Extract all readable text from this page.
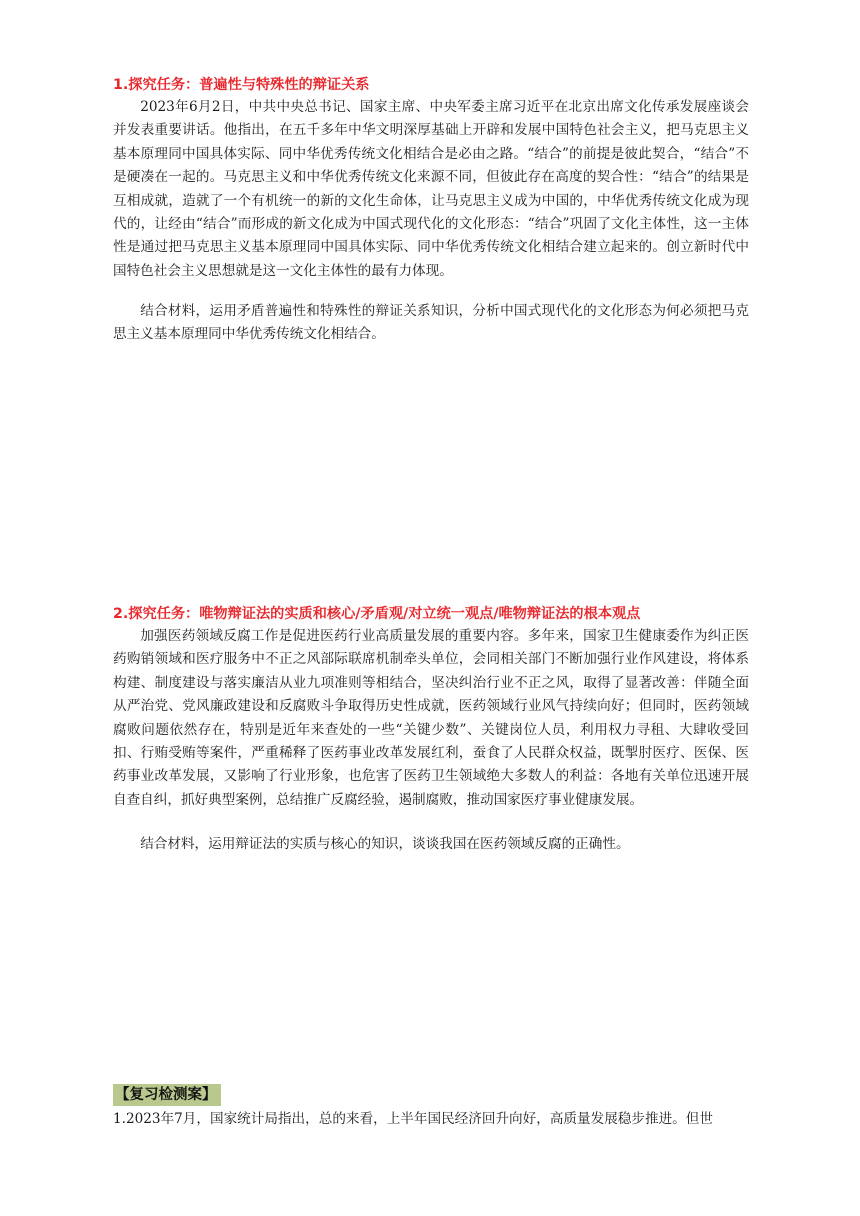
1.探究任务：普遍性与特殊性的辩证关系

2023年6月2日，中共中央总书记、国家主席、中央军委主席习近平在北京出席文化传承发展座谈会并发表重要讲话。他指出，在五千多年中华文明深厚基础上开辟和发展中国特色社会主义，把马克思主义基本原理同中国具体实际、同中华优秀传统文化相结合是必由之路。“结合”的前提是彼此契合，“结合”不是硬凑在一起的。马克思主义和中华优秀传统文化来源不同，但彼此存在高度的契合性：“结合”的结果是互相成就，造就了一个有机统一的新的文化生命体，让马克思主义成为中国的，中华优秀传统文化成为现代的，让经由“结合”而形成的新文化成为中国式现代化的文化形态：“结合”巩固了文化主体性，这一主体性是通过把马克思主义基本原理同中国具体实际、同中华优秀传统文化相结合建立起来的。创立新时代中国特色社会主义思想就是这一文化主体性的最有力体现。

结合材料，运用矛盾普遍性和特殊性的辩证关系知识，分析中国式现代化的文化形态为何必须把马克思主义基本原理同中华优秀传统文化相结合。

2.探究任务：唯物辩证法的实质和核心/矛盾观/对立统一观点/唯物辩证法的根本观点

加强医药领域反腐工作是促进医药行业高质量发展的重要内容。多年来，国家卫生健康委作为纠正医药购销领域和医疗服务中不正之风部际联席机制牵头单位，会同相关部门不断加强行业作风建设，将体系构建、制度建设与落实廉洁从业九项准则等相结合，坚决纠治行业不正之风，取得了显著改善：伴随全面从严治党、党风廉政建设和反腐败斗争取得历史性成就，医药领域行业风气持续向好；但同时，医药领域腐败问题依然存在，特别是近年来查处的一些“关键少数”、关键岗位人员，利用权力寻租、大肆收受回扣、行贿受贿等案件，严重稀释了医药事业改革发展红利，蚕食了人民群众权益，既掣肘医疗、医保、医药事业改革发展，又影响了行业形象，也危害了医药卫生领域绝大多数人的利益：各地有关单位迅速开展自查自纠，抓好典型案例，总结推广反腐经验，遏制腐败，推动国家医疗事业健康发展。

结合材料，运用辩证法的实质与核心的知识，谈谈我国在医药领域反腐的正确性。

【复习检测案】

1.2023年7月，国家统计局指出，总的来看，上半年国民经济回升向好，高质量发展稳步推进。但世
